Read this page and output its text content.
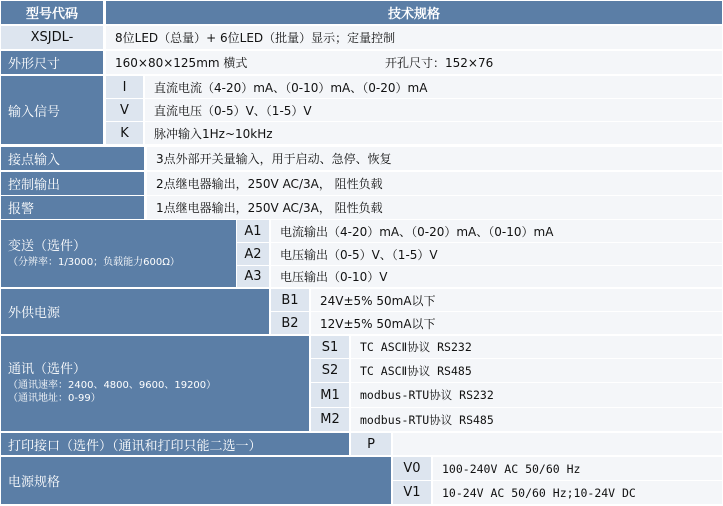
型号代码	技术规格
XSJDL-	8位LED（总量）+ 6位LED（批量）显示；定量控制
外形尺寸	160×80×125mm 横式	开孔尺寸：152×76
输入信号
I	直流电流（4-20）mA、（0-10）mA、（0-20）mA
V	直流电压（0-5）V、（1-5）V
K	脉冲输入1Hz~10kHz
接点输入	3点外部开关量输入，用于启动、急停、恢复
控制输出	2点继电器输出，250V AC/3A， 阻性负载
报警	1点继电器输出，250V AC/3A， 阻性负载
变送（选件）
（分辨率：1/3000；负载能力600Ω）
A1	电流输出（4-20）mA、（0-20）mA、（0-10）mA
A2	电压输出（0-5）V、（1-5）V
A3	电压输出（0-10）V
外供电源
B1	24V±5% 50mA以下
B2	12V±5% 50mA以下
通讯（选件）
（通讯速率：2400、4800、9600、19200）
（通讯地址：0-99）
S1	TC ASCⅡ协议 RS232
S2	TC ASCⅡ协议 RS485
M1	modbus-RTU协议 RS232
M2	modbus-RTU协议 RS485
打印接口（选件）（通讯和打印只能二选一）	P
电源规格
V0	100-240V AC 50/60 Hz
V1	10-24V AC 50/60 Hz;10-24V DC
